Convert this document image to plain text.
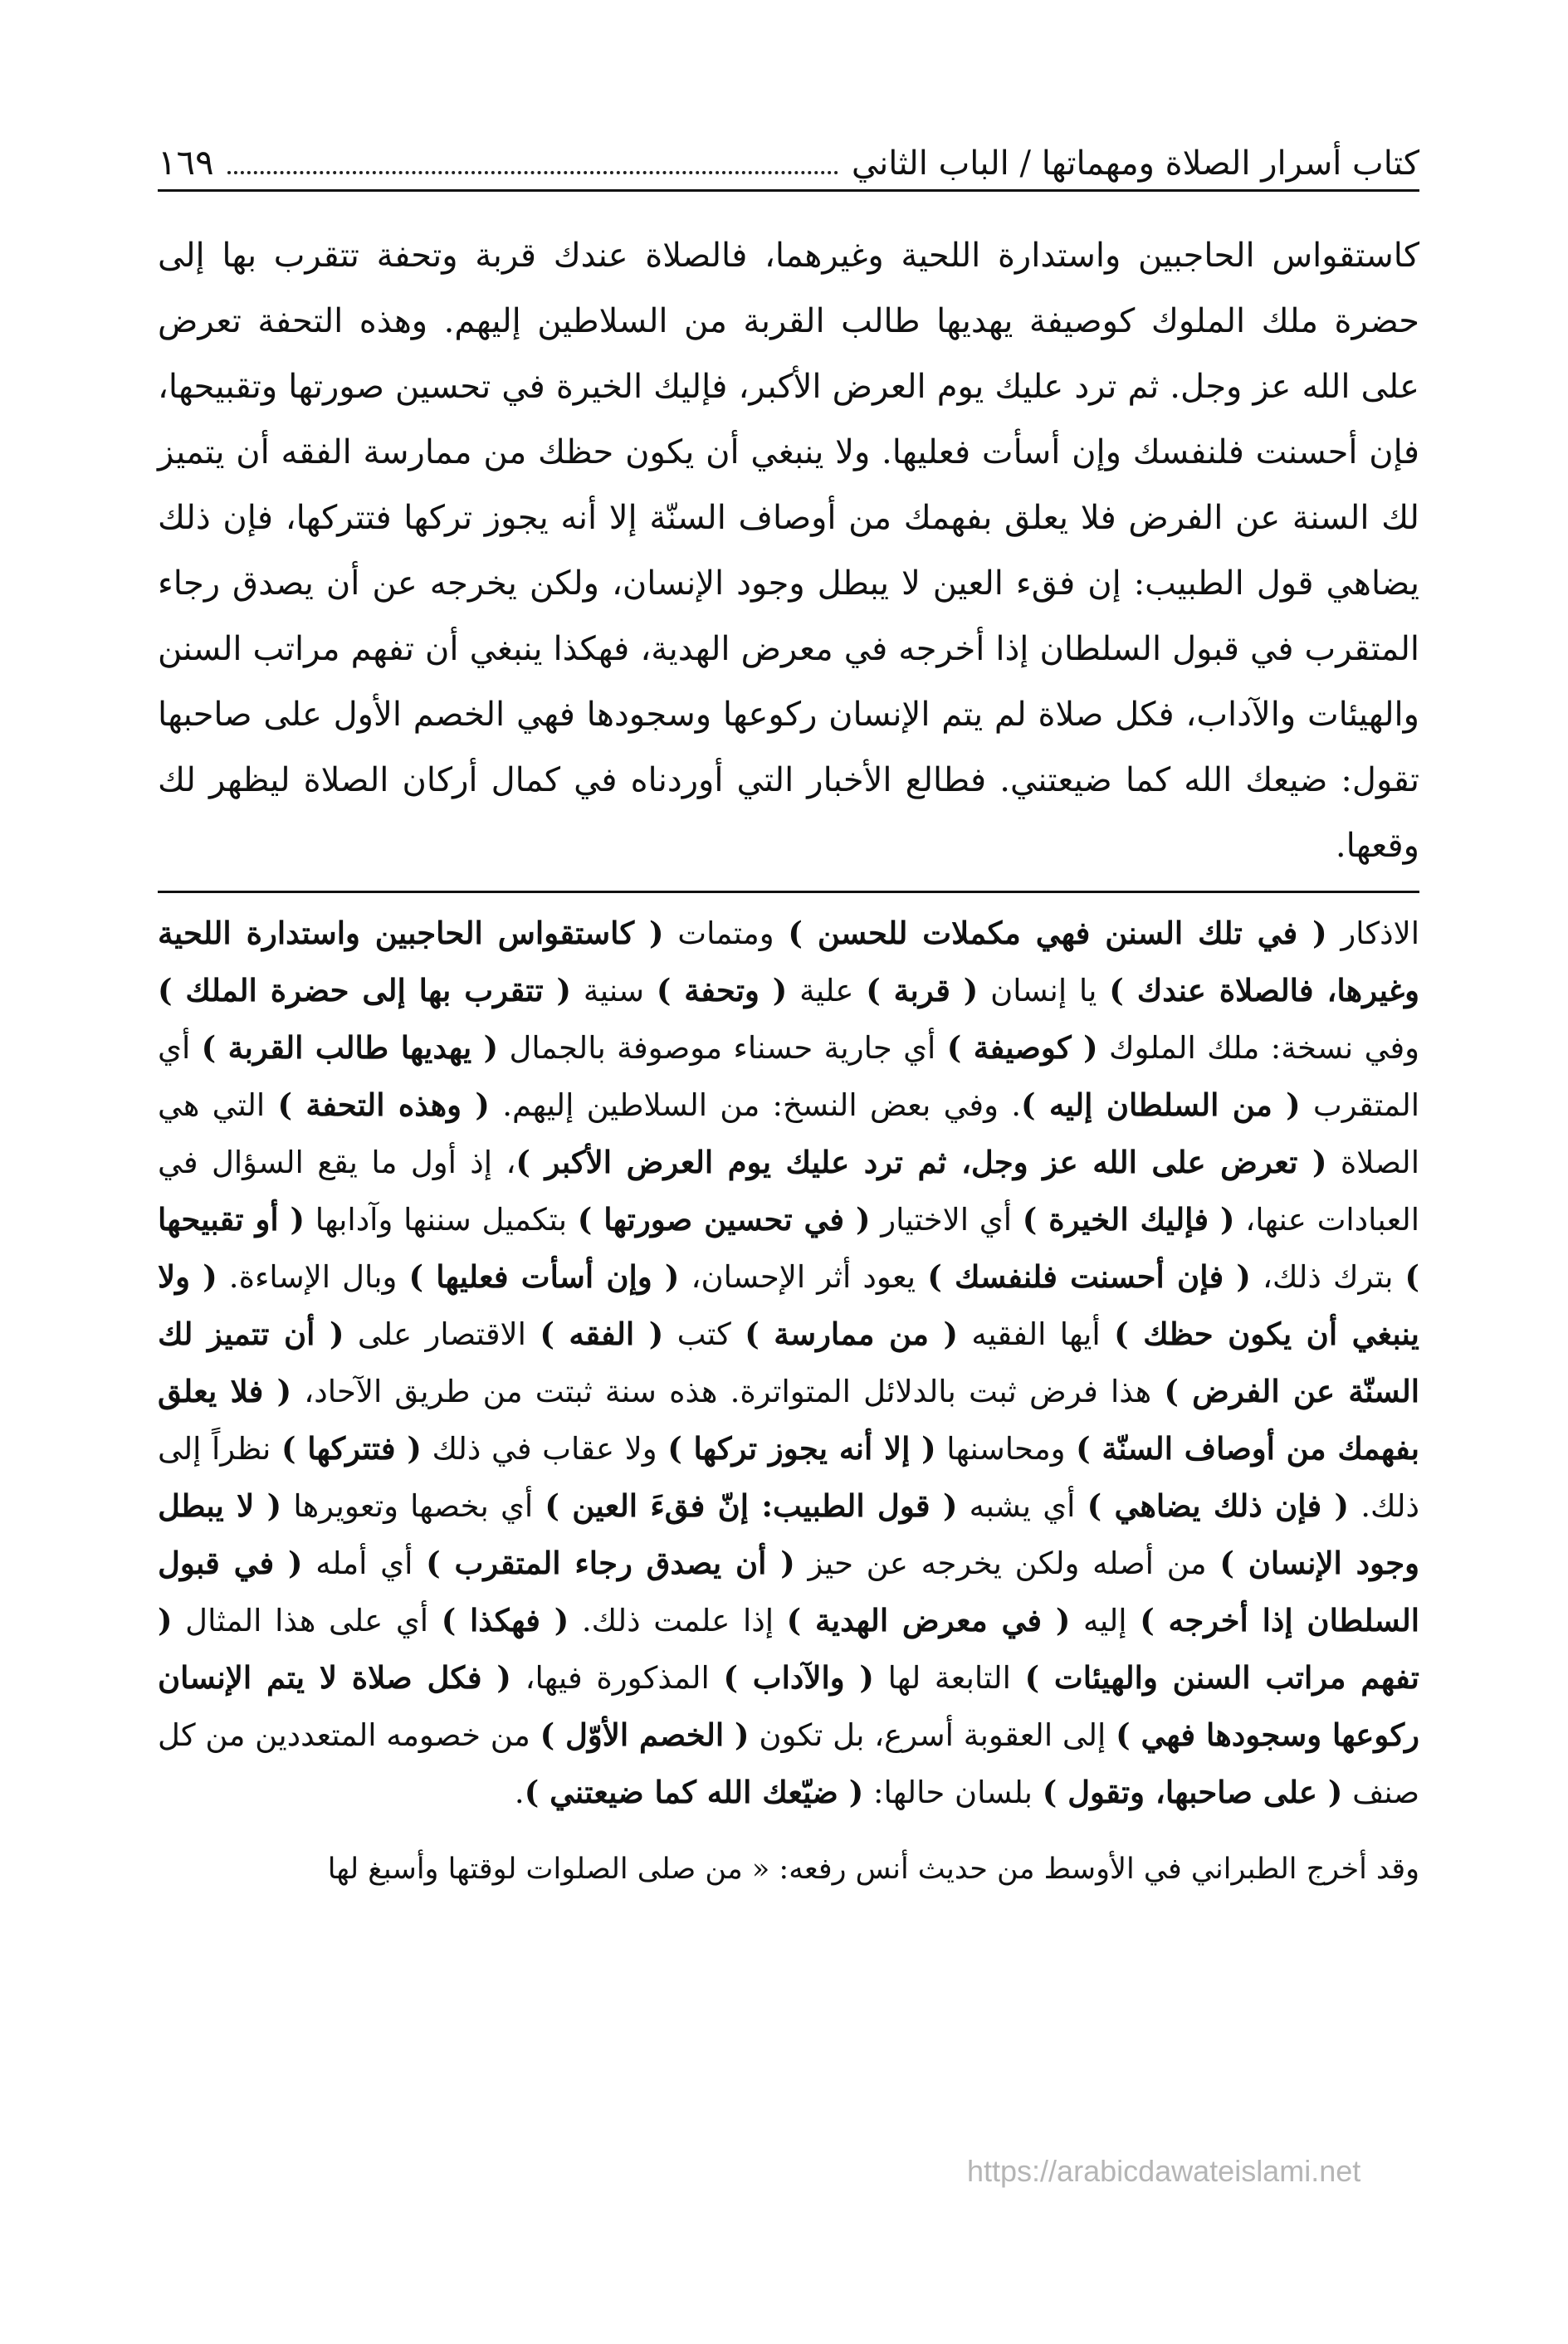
كتاب أسرار الصلاة ومهماتها / الباب الثاني
١٦٩

كاستقواس الحاجبين واستدارة اللحية وغيرهما، فالصلاة عندك قربة وتحفة تتقرب بها إلى حضرة ملك الملوك كوصيفة يهديها طالب القربة من السلاطين إليهم. وهذه التحفة تعرض على الله عز وجل. ثم ترد عليك يوم العرض الأكبر، فإليك الخيرة في تحسين صورتها وتقبيحها، فإن أحسنت فلنفسك وإن أسأت فعليها. ولا ينبغي أن يكون حظك من ممارسة الفقه أن يتميز لك السنة عن الفرض فلا يعلق بفهمك من أوصاف السنّة إلا أنه يجوز تركها فتتركها، فإن ذلك يضاهي قول الطبيب: إن فقء العين لا يبطل وجود الإنسان، ولكن يخرجه عن أن يصدق رجاء المتقرب في قبول السلطان إذا أخرجه في معرض الهدية، فهكذا ينبغي أن تفهم مراتب السنن والهيئات والآداب، فكل صلاة لم يتم الإنسان ركوعها وسجودها فهي الخصم الأول على صاحبها تقول: ضيعك الله كما ضيعتني. فطالع الأخبار التي أوردناه في كمال أركان الصلاة ليظهر لك وقعها.

الاذكار ( في تلك السنن فهي مكملات للحسن ) ومتمات ( كاستقواس الحاجبين واستدارة اللحية وغيرها، فالصلاة عندك ) يا إنسان ( قربة ) علية ( وتحفة ) سنية ( تتقرب بها إلى حضرة الملك ) وفي نسخة: ملك الملوك ( كوصيفة ) أي جارية حسناء موصوفة بالجمال ( يهديها طالب القربة ) أي المتقرب ( من السلطان إليه ). وفي بعض النسخ: من السلاطين إليهم. ( وهذه التحفة ) التي هي الصلاة ( تعرض على الله عز وجل، ثم ترد عليك يوم العرض الأكبر )، إذ أول ما يقع السؤال في العبادات عنها، ( فإليك الخيرة ) أي الاختيار ( في تحسين صورتها ) بتكميل سننها وآدابها ( أو تقبيحها ) بترك ذلك، ( فإن أحسنت فلنفسك ) يعود أثر الإحسان، ( وإن أسأت فعليها ) وبال الإساءة. ( ولا ينبغي أن يكون حظك ) أيها الفقيه ( من ممارسة ) كتب ( الفقه ) الاقتصار على ( أن تتميز لك السنّة عن الفرض ) هذا فرض ثبت بالدلائل المتواترة. هذه سنة ثبتت من طريق الآحاد، ( فلا يعلق بفهمك من أوصاف السنّة ) ومحاسنها ( إلا أنه يجوز تركها ) ولا عقاب في ذلك ( فتتركها ) نظراً إلى ذلك. ( فإن ذلك يضاهي ) أي يشبه ( قول الطبيب: إنّ فقءَ العين ) أي بخصها وتعويرها ( لا يبطل وجود الإنسان ) من أصله ولكن يخرجه عن حيز ( أن يصدق رجاء المتقرب ) أي أمله ( في قبول السلطان إذا أخرجه ) إليه ( في معرض الهدية ) إذا علمت ذلك. ( فهكذا ) أي على هذا المثال ( تفهم مراتب السنن والهيئات ) التابعة لها ( والآداب ) المذكورة فيها، ( فكل صلاة لا يتم الإنسان ركوعها وسجودها فهي ) إلى العقوبة أسرع، بل تكون ( الخصم الأوّل ) من خصومه المتعددين من كل صنف ( على صاحبها، وتقول ) بلسان حالها: ( ضيّعك الله كما ضيعتني ).

وقد أخرج الطبراني في الأوسط من حديث أنس رفعه: « من صلى الصلوات لوقتها وأسبغ لها
https://arabicdawateislami.net
